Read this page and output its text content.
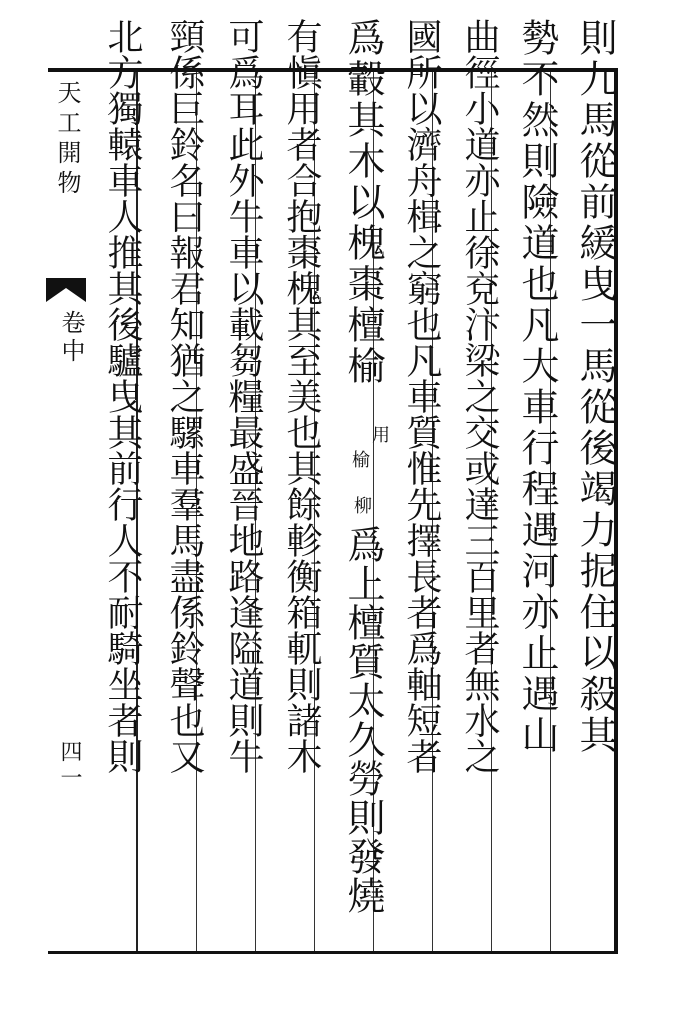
天工開物
卷中
四一
則九馬從前緩曳一馬從後竭力抳住以殺其
勢不然則險道也凡大車行程遇河亦止遇山
曲徑小道亦止徐兗汴梁之交或達三百里者無水之
國所以濟舟楫之窮也凡車質惟先擇長者爲軸短者
爲轂其木以槐棗檀榆
榆
用
柳
爲上檀質太久勞則發燒
有愼用者合抱棗槐其至美也其餘軫衡箱軏則諸木
可爲耳此外牛車以載芻糧最盛晉地路逢隘道則牛
頸係巨鈴名曰報君知猶之騾車羣馬盡係鈴聲也又
北方獨轅車人推其後驢曳其前行人不耐騎坐者則
